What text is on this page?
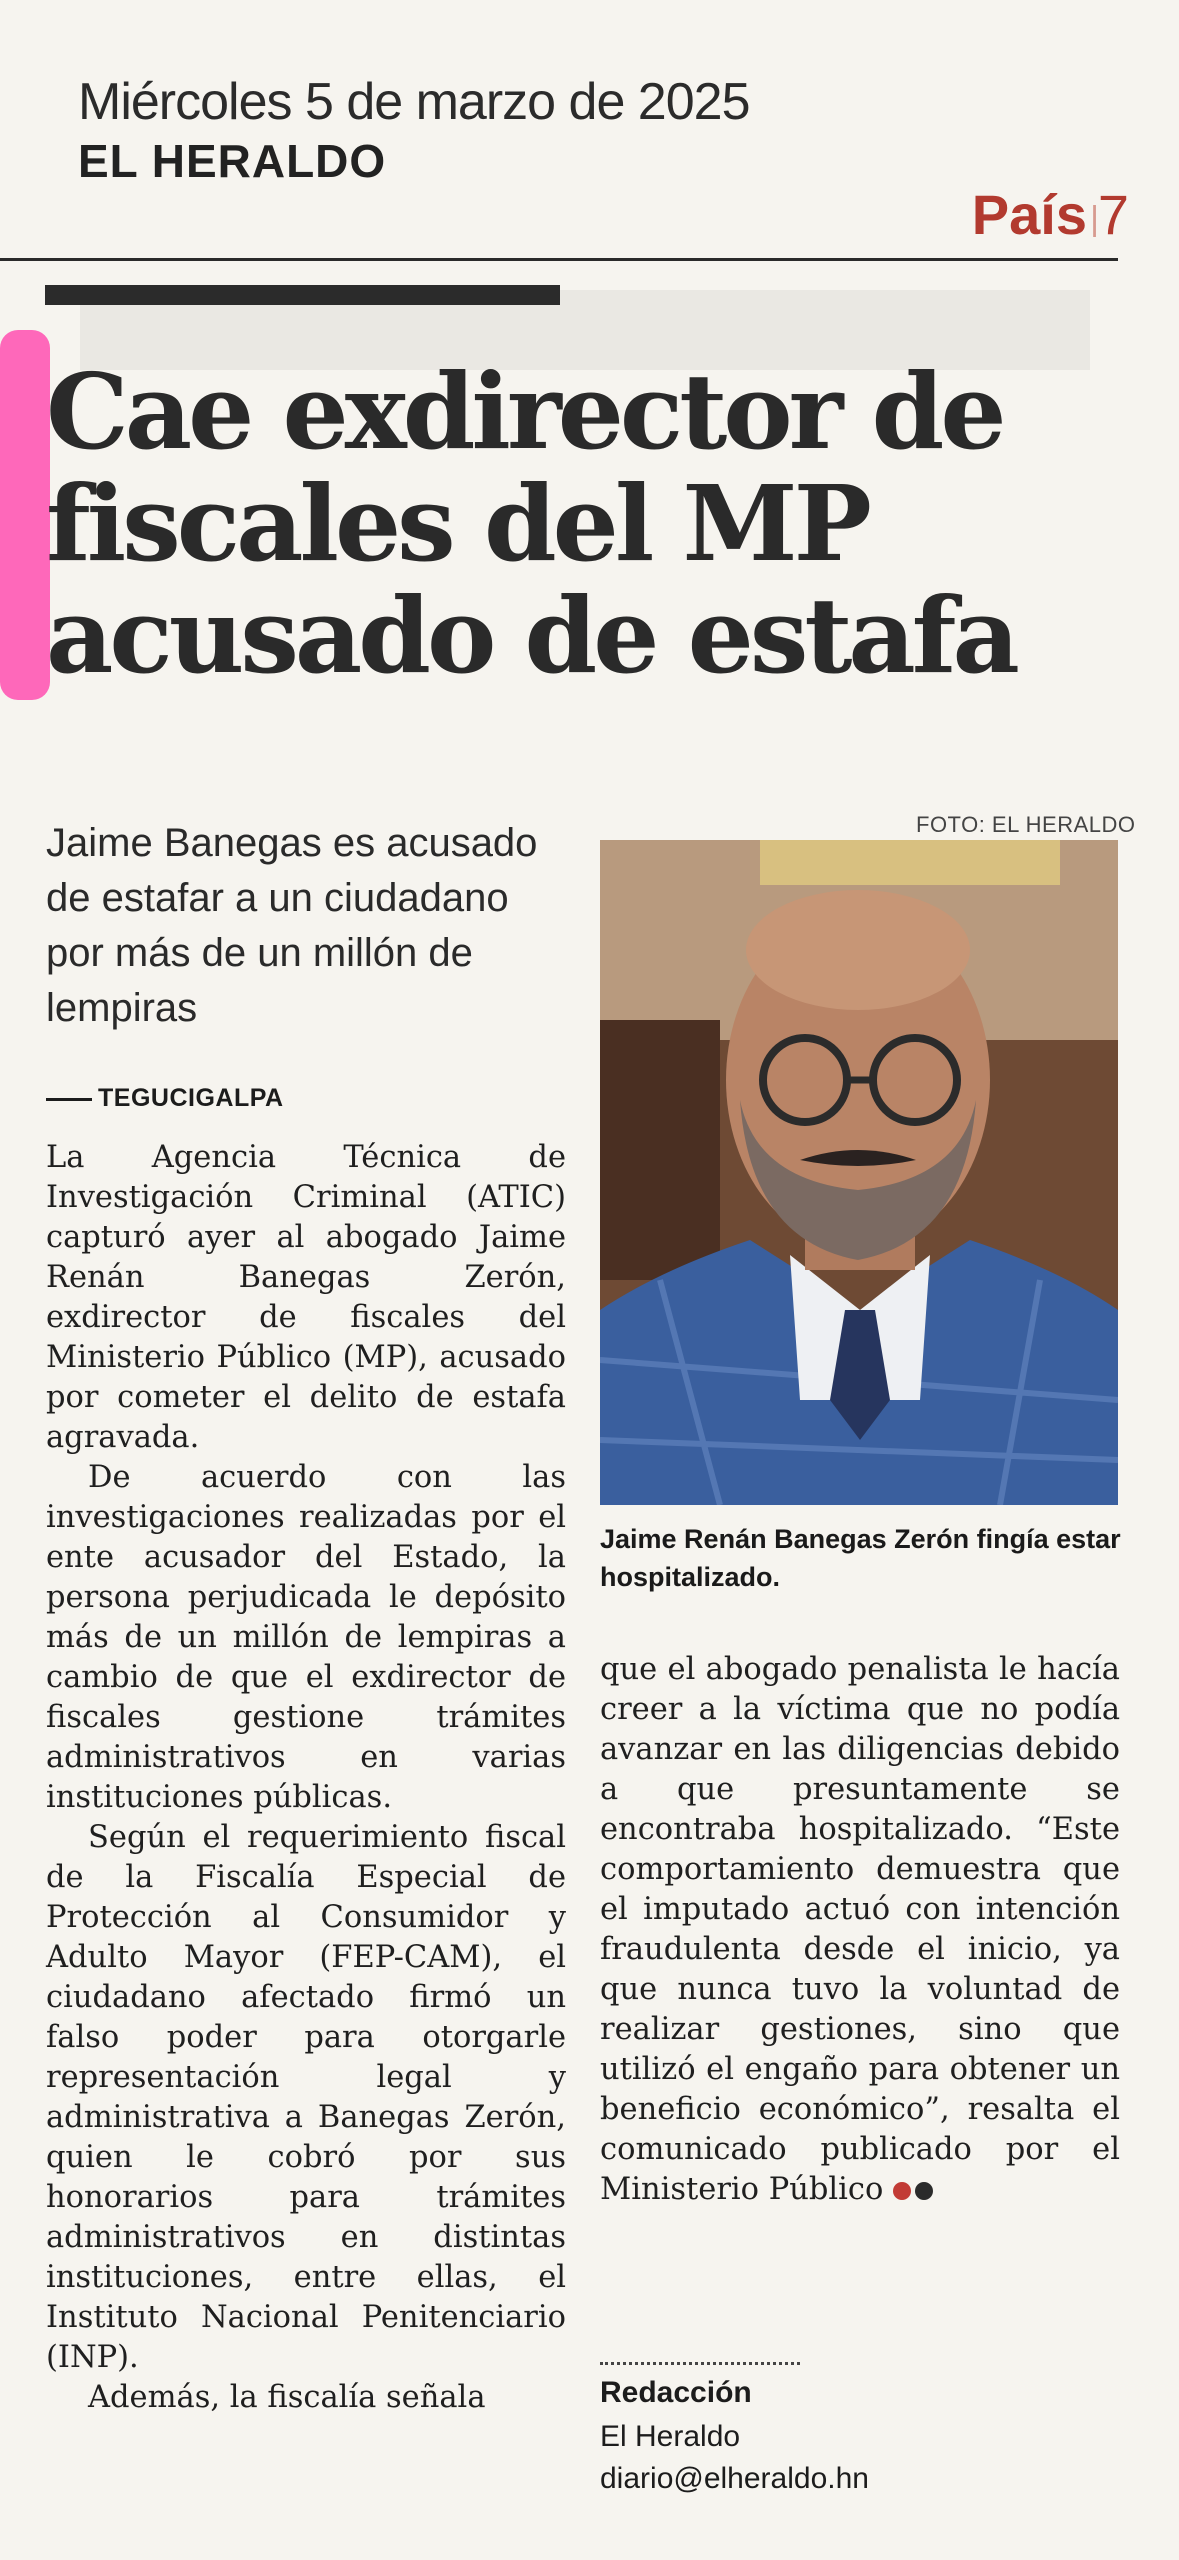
Miércoles 5 de marzo de 2025
EL HERALDO
País |
7
Cae exdirector de fiscales del MP acusado de estafa
Jaime Banegas es acusado de estafar a un ciudadano por más de un millón de lempiras
FOTO: EL HERALDO
Jaime Renán Banegas Zerón fingía estar hospitalizado.
TEGUCIGALPA

La Agencia Técnica de Investigación Criminal (ATIC) capturó ayer al abogado Jaime Renán Banegas Zerón, exdirector de fiscales del Ministerio Público (MP), acusado por cometer el delito de estafa agravada.

De acuerdo con las investigaciones realizadas por el ente acusador del Estado, la persona perjudicada le depósito más de un millón de lempiras a cambio de que el exdirector de fiscales gestione trámites administrativos en varias instituciones públicas.

Según el requerimiento fiscal de la Fiscalía Especial de Protección al Consumidor y Adulto Mayor (FEP-CAM), el ciudadano afectado firmó un falso poder para otorgarle representación legal y administrativa a Banegas Zerón, quien le cobró por sus honorarios para trámites administrativos en distintas instituciones, entre ellas, el Instituto Nacional Penitenciario (INP).

Además, la fiscalía señala

que el abogado penalista le hacía creer a la víctima que no podía avanzar en las diligencias debido a que presuntamente se encontraba hospitalizado. “Este comportamiento demuestra que el imputado actuó con intención fraudulenta desde el inicio, ya que nunca tuvo la voluntad de realizar gestiones, sino que utilizó el engaño para obtener un beneficio económico”, resalta el comunicado publicado por el Ministerio Público

Redacción
El Heraldo
diario@elheraldo.hn
